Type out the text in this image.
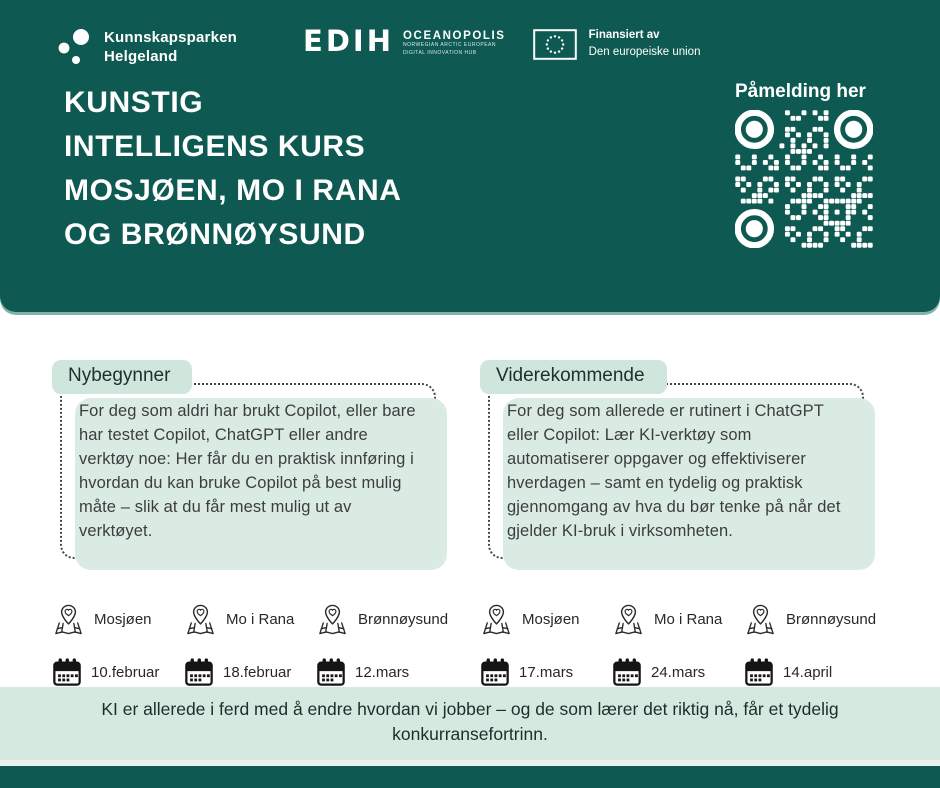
Kunnskapsparken
Helgeland	EDIH OCEANOPOLIS
NORWEGIAN ARCTIC EUROPEAN
DIGITAL INNOVATION HUB
Finansiert av
Den europeiske union
KUNSTIG
INTELLIGENS KURS
MOSJØEN, MO I RANA
OG BRØNNØYSUND

Påmelding her

Nybegynner

For deg som aldri har brukt Copilot, eller bare har testet Copilot, ChatGPT eller andre verktøy noe: Her får du en praktisk innføring i hvordan du kan bruke Copilot på best mulig måte – slik at du får mest mulig ut av verktøyet.

Mosjøen	Mo i Rana	Brønnøysund
10.februar	18.februar	12.mars
Viderekommende

For deg som allerede er rutinert i ChatGPT eller Copilot: Lær KI-verktøy som automatiserer oppgaver og effektiviserer hverdagen – samt en tydelig og praktisk gjennomgang av hva du bør tenke på når det gjelder KI-bruk i virksomheten.

Mosjøen	Mo i Rana	Brønnøysund
17.mars	24.mars	14.april

KI er allerede i ferd med å endre hvordan vi jobber – og de som lærer det riktig nå, får et tydelig konkurransefortrinn.
